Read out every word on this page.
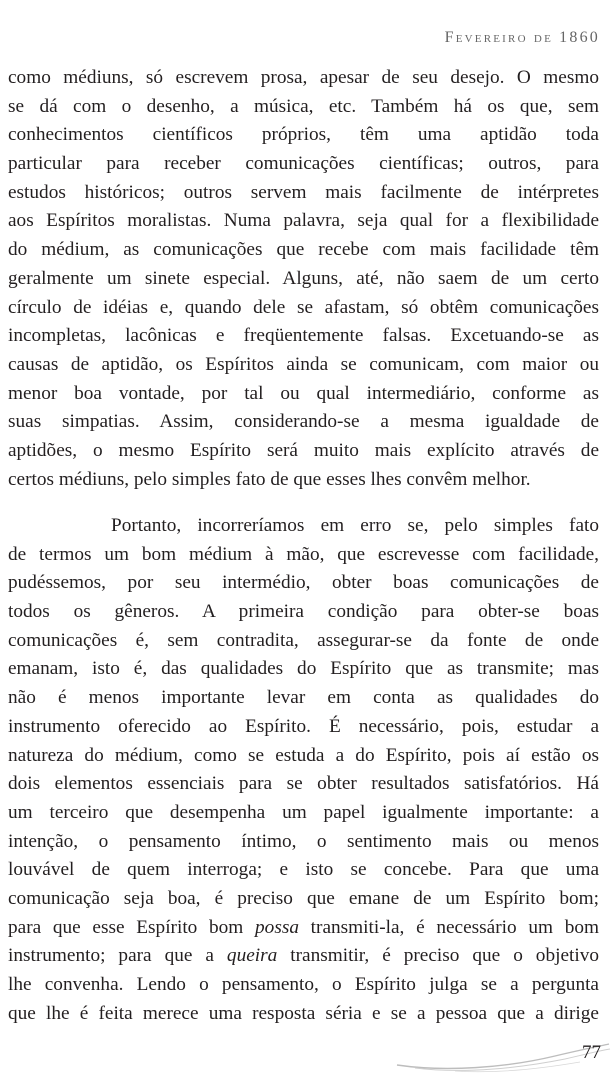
Fevereiro de 1860
como médiuns, só escrevem prosa, apesar de seu desejo. O mesmo
se dá com o desenho, a música, etc. Também há os que, sem
conhecimentos científicos próprios, têm uma aptidão toda
particular para receber comunicações científicas; outros, para
estudos históricos; outros servem mais facilmente de intérpretes
aos Espíritos moralistas. Numa palavra, seja qual for a flexibilidade
do médium, as comunicações que recebe com mais facilidade têm
geralmente um sinete especial. Alguns, até, não saem de um certo
círculo de idéias e, quando dele se afastam, só obtêm comunicações
incompletas, lacônicas e freqüentemente falsas. Excetuando-se as
causas de aptidão, os Espíritos ainda se comunicam, com maior ou
menor boa vontade, por tal ou qual intermediário, conforme as
suas simpatias. Assim, considerando-se a mesma igualdade de
aptidões, o mesmo Espírito será muito mais explícito através de
certos médiuns, pelo simples fato de que esses lhes convêm melhor.
Portanto, incorreríamos em erro se, pelo simples fato
de termos um bom médium à mão, que escrevesse com facilidade,
pudéssemos, por seu intermédio, obter boas comunicações de
todos os gêneros. A primeira condição para obter-se boas
comunicações é, sem contradita, assegurar-se da fonte de onde
emanam, isto é, das qualidades do Espírito que as transmite; mas
não é menos importante levar em conta as qualidades do
instrumento oferecido ao Espírito. É necessário, pois, estudar a
natureza do médium, como se estuda a do Espírito, pois aí estão os
dois elementos essenciais para se obter resultados satisfatórios. Há
um terceiro que desempenha um papel igualmente importante: a
intenção, o pensamento íntimo, o sentimento mais ou menos
louvável de quem interroga; e isto se concebe. Para que uma
comunicação seja boa, é preciso que emane de um Espírito bom;
para que esse Espírito bom possa transmiti-la, é necessário um bom
instrumento; para que a queira transmitir, é preciso que o objetivo
lhe convenha. Lendo o pensamento, o Espírito julga se a pergunta
que lhe é feita merece uma resposta séria e se a pessoa que a dirige
77
